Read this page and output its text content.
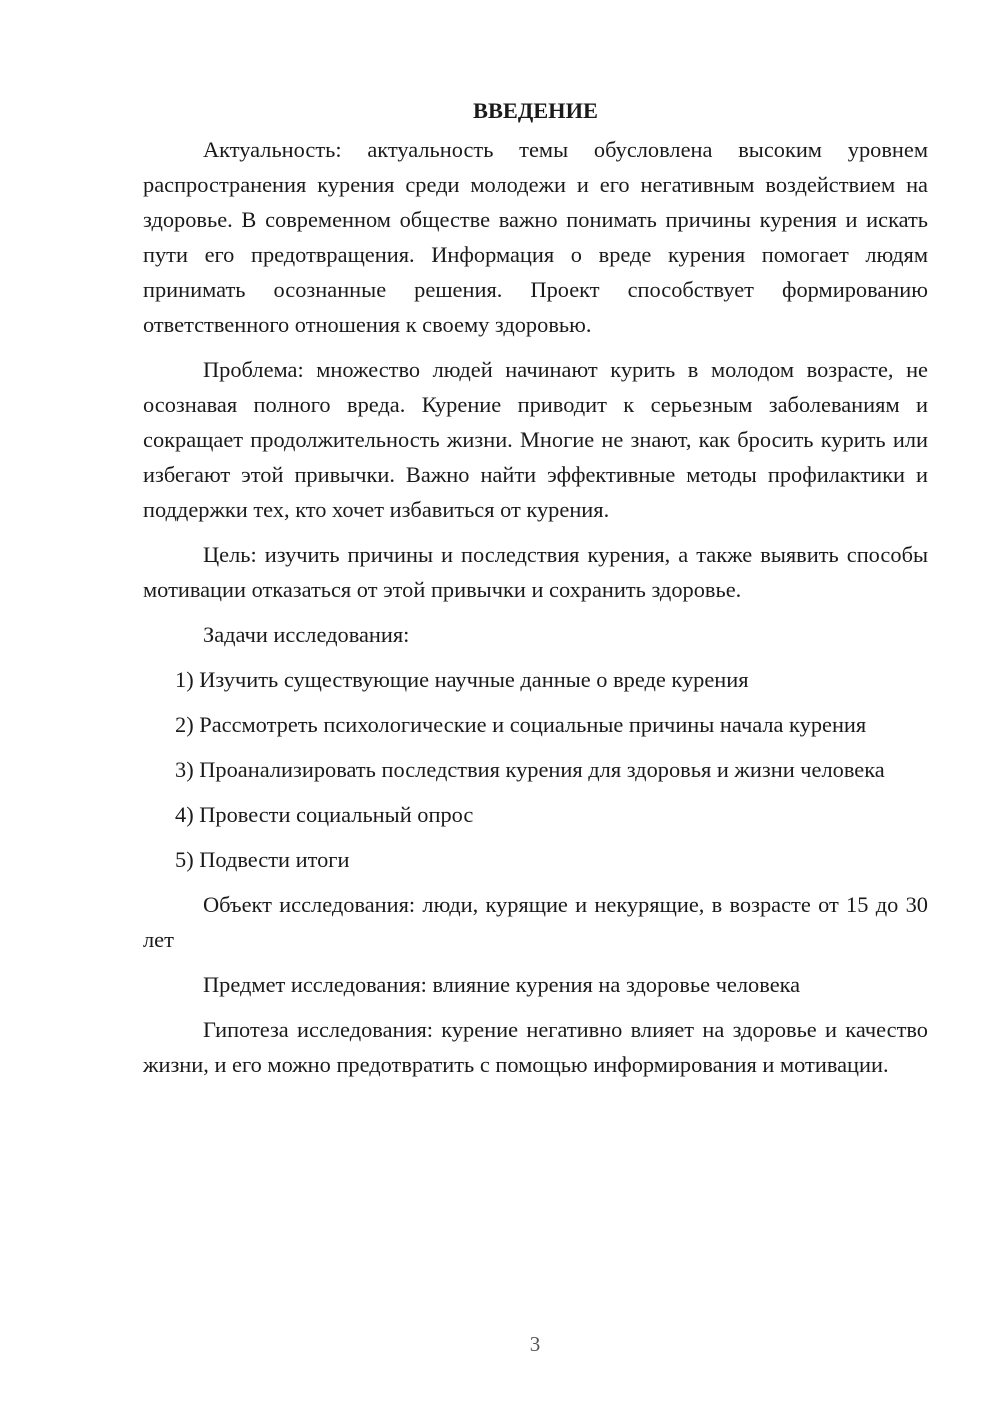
ВВЕДЕНИЕ

Актуальность: актуальность темы обусловлена высоким уровнем распространения курения среди молодежи и его негативным воздействием на здоровье. В современном обществе важно понимать причины курения и искать пути его предотвращения. Информация о вреде курения помогает людям принимать осознанные решения. Проект способствует формированию ответственного отношения к своему здоровью.

Проблема: множество людей начинают курить в молодом возрасте, не осознавая полного вреда. Курение приводит к серьезным заболеваниям и сокращает продолжительность жизни. Многие не знают, как бросить курить или избегают этой привычки. Важно найти эффективные методы профилактики и поддержки тех, кто хочет избавиться от курения.

Цель: изучить причины и последствия курения, а также выявить способы мотивации отказаться от этой привычки и сохранить здоровье.

Задачи исследования:

1) Изучить существующие научные данные о вреде курения

2) Рассмотреть психологические и социальные причины начала курения

3) Проанализировать последствия курения для здоровья и жизни человека

4) Провести социальный опрос

5) Подвести итоги

Объект исследования: люди, курящие и некурящие, в возрасте от 15 до 30 лет

Предмет исследования: влияние курения на здоровье человека

Гипотеза исследования: курение негативно влияет на здоровье и качество жизни, и его можно предотвратить с помощью информирования и мотивации.

3
